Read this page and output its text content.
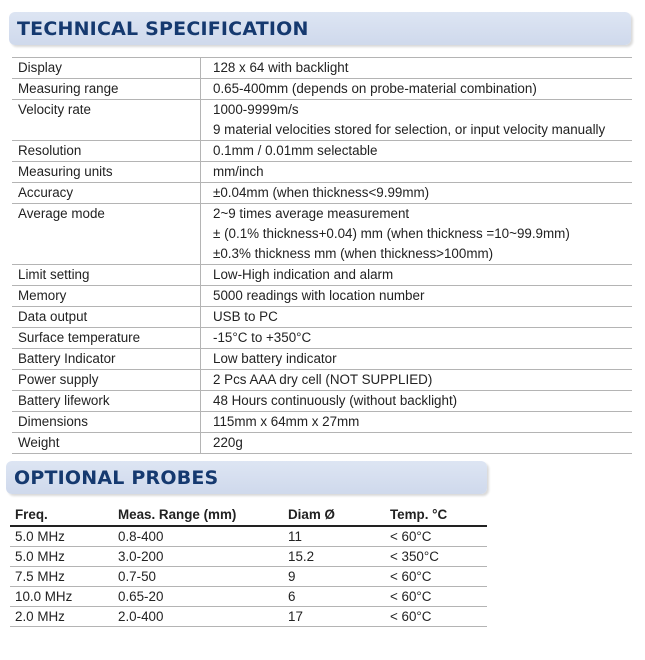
TECHNICAL SPECIFICATION
Display	128 x 64 with backlight
Measuring range	0.65-400mm (depends on probe-material combination)
Velocity rate	1000-9999m/s
9 material velocities stored for selection, or input velocity manually
Resolution	0.1mm / 0.01mm selectable
Measuring units	mm/inch
Accuracy	±0.04mm (when thickness<9.99mm)
Average mode	2~9 times average measurement
± (0.1% thickness+0.04) mm (when thickness =10~99.9mm)
±0.3% thickness mm (when thickness>100mm)
Limit setting	Low-High indication and alarm
Memory	5000 readings with location number
Data output	USB to PC
Surface temperature	-15°C to +350°C
Battery Indicator	Low battery indicator
Power supply	2 Pcs AAA dry cell (NOT SUPPLIED)
Battery lifework	48 Hours continuously (without backlight)
Dimensions	115mm x 64mm x 27mm
Weight	220g
OPTIONAL PROBES
Freq.	Meas. Range (mm)	Diam Ø	Temp. °C
5.0 MHz	0.8-400	11	< 60°C
5.0 MHz	3.0-200	15.2	< 350°C
7.5 MHz	0.7-50	9	< 60°C
10.0 MHz	0.65-20	6	< 60°C
2.0 MHz	2.0-400	17	< 60°C
